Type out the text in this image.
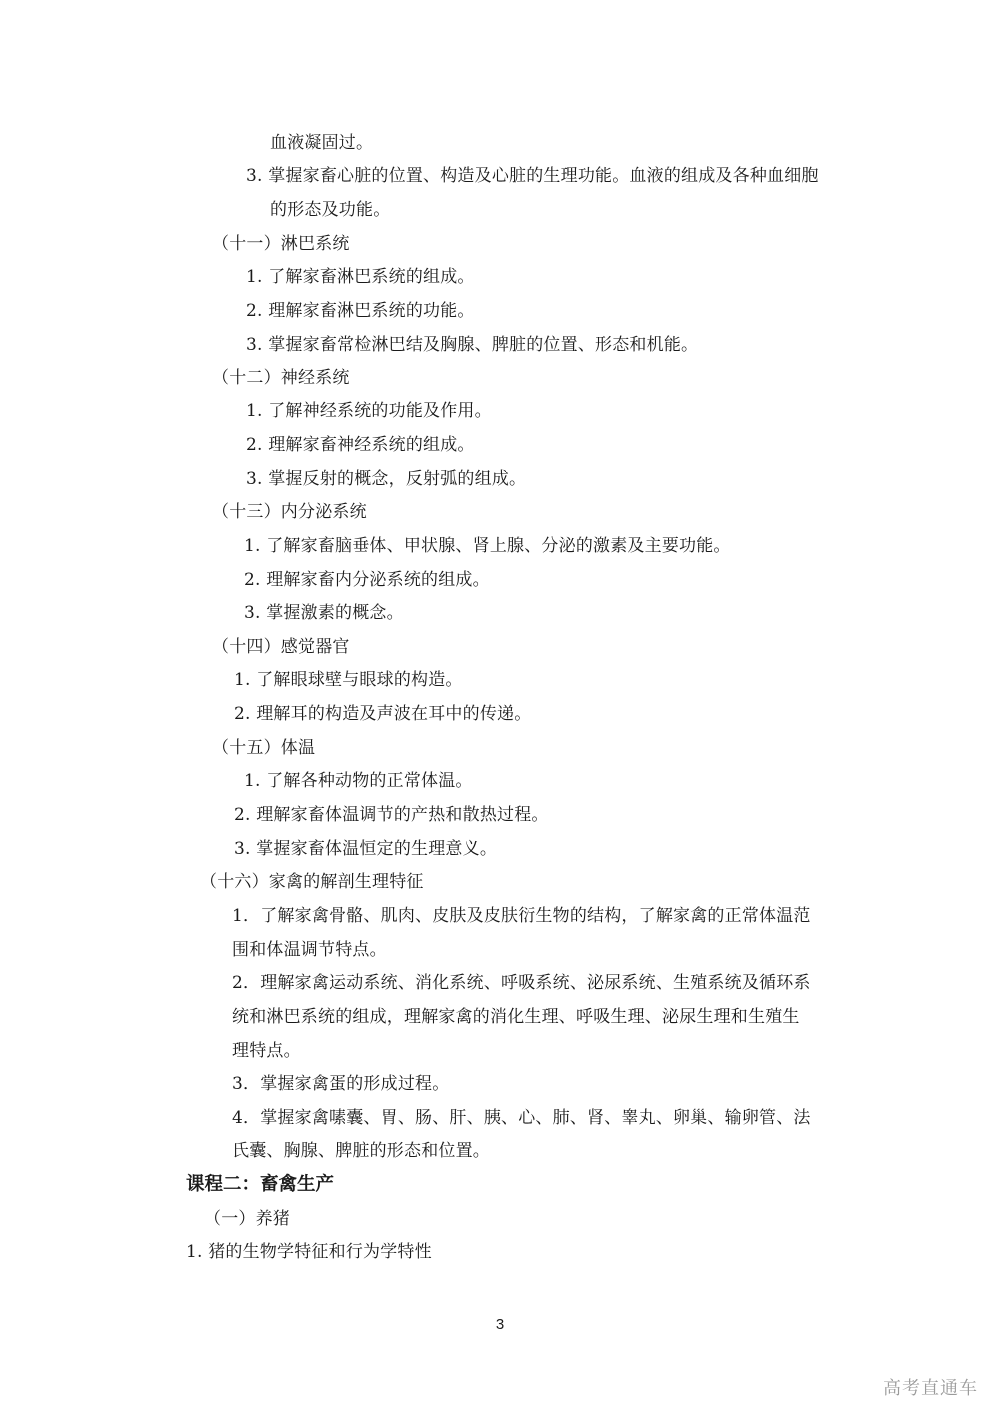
血液凝固过。
3. 掌握家畜心脏的位置、构造及心脏的生理功能。血液的组成及各种血细胞
的形态及功能。
（十一）淋巴系统
1. 了解家畜淋巴系统的组成。
2. 理解家畜淋巴系统的功能。
3. 掌握家畜常检淋巴结及胸腺、脾脏的位置、形态和机能。
（十二）神经系统
1. 了解神经系统的功能及作用。
2. 理解家畜神经系统的组成。
3. 掌握反射的概念，反射弧的组成。
（十三）内分泌系统
1. 了解家畜脑垂体、甲状腺、肾上腺、分泌的激素及主要功能。
2. 理解家畜内分泌系统的组成。
3. 掌握激素的概念。
（十四）感觉器官
1. 了解眼球壁与眼球的构造。
2. 理解耳的构造及声波在耳中的传递。
（十五）体温
1. 了解各种动物的正常体温。
2. 理解家畜体温调节的产热和散热过程。
3. 掌握家畜体温恒定的生理意义。
（十六）家禽的解剖生理特征
1．了解家禽骨骼、肌肉、皮肤及皮肤衍生物的结构，了解家禽的正常体温范
围和体温调节特点。
2．理解家禽运动系统、消化系统、呼吸系统、泌尿系统、生殖系统及循环系
统和淋巴系统的组成，理解家禽的消化生理、呼吸生理、泌尿生理和生殖生
理特点。
3．掌握家禽蛋的形成过程。
4．掌握家禽嗉囊、胃、肠、肝、胰、心、肺、肾、睾丸、卵巢、输卵管、法
氏囊、胸腺、脾脏的形态和位置。
课程二：畜禽生产
（一）养猪
1. 猪的生物学特征和行为学特性
3
高考直通车
